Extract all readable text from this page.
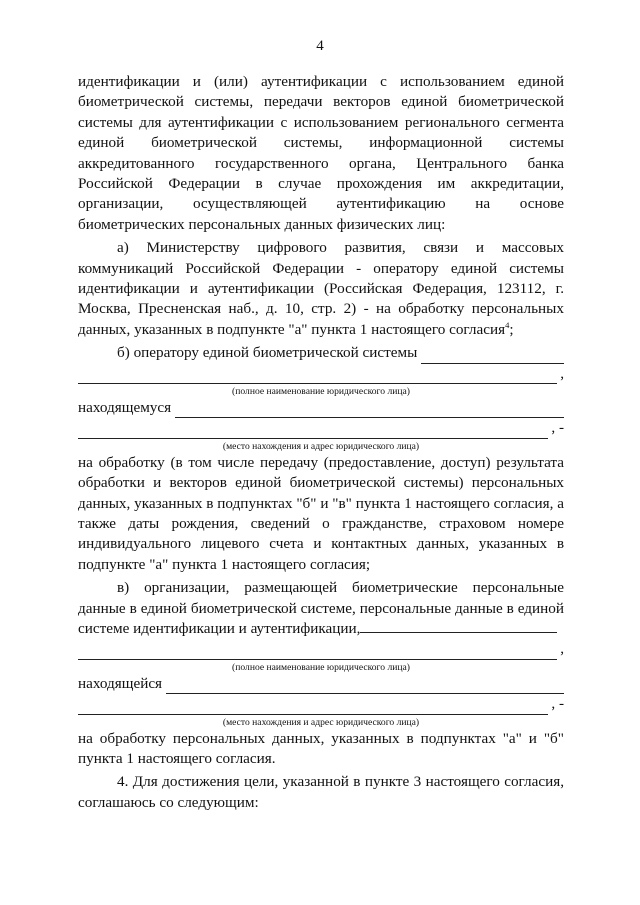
4

идентификации и (или) аутентификации с использованием единой биометрической системы, передачи векторов единой биометрической системы для аутентификации с использованием регионального сегмента единой биометрической системы, информационной системы аккредитованного государственного органа, Центрального банка Российской Федерации в случае прохождения им аккредитации, организации, осуществляющей аутентификацию на основе биометрических персональных данных физических лиц:

а) Министерству цифрового развития, связи и массовых коммуникаций Российской Федерации - оператору единой системы идентификации и аутентификации (Российская Федерация, 123112, г. Москва, Пресненская наб., д. 10, стр. 2) - на обработку персональных данных, указанных в подпункте "а" пункта 1 настоящего согласия$^4$;

б) оператору единой биометрической системы
,
(полное наименование юридического лица)
находящемуся
, -
(место нахождения и адрес юридического лица)

на обработку (в том числе передачу (предоставление, доступ) результата обработки и векторов единой биометрической системы) персональных данных, указанных в подпунктах "б" и "в" пункта 1 настоящего согласия, а также даты рождения, сведений о гражданстве, страховом номере индивидуального лицевого счета и контактных данных, указанных в подпункте "а" пункта 1 настоящего согласия;

в) организации, размещающей биометрические персональные данные в единой биометрической системе, персональные данные в единой системе идентификации и аутентификации,

,
(полное наименование юридического лица)
находящейся
, -
(место нахождения и адрес юридического лица)

на обработку персональных данных, указанных в подпунктах "а" и "б" пункта 1 настоящего согласия.

4. Для достижения цели, указанной в пункте 3 настоящего согласия, соглашаюсь со следующим:
